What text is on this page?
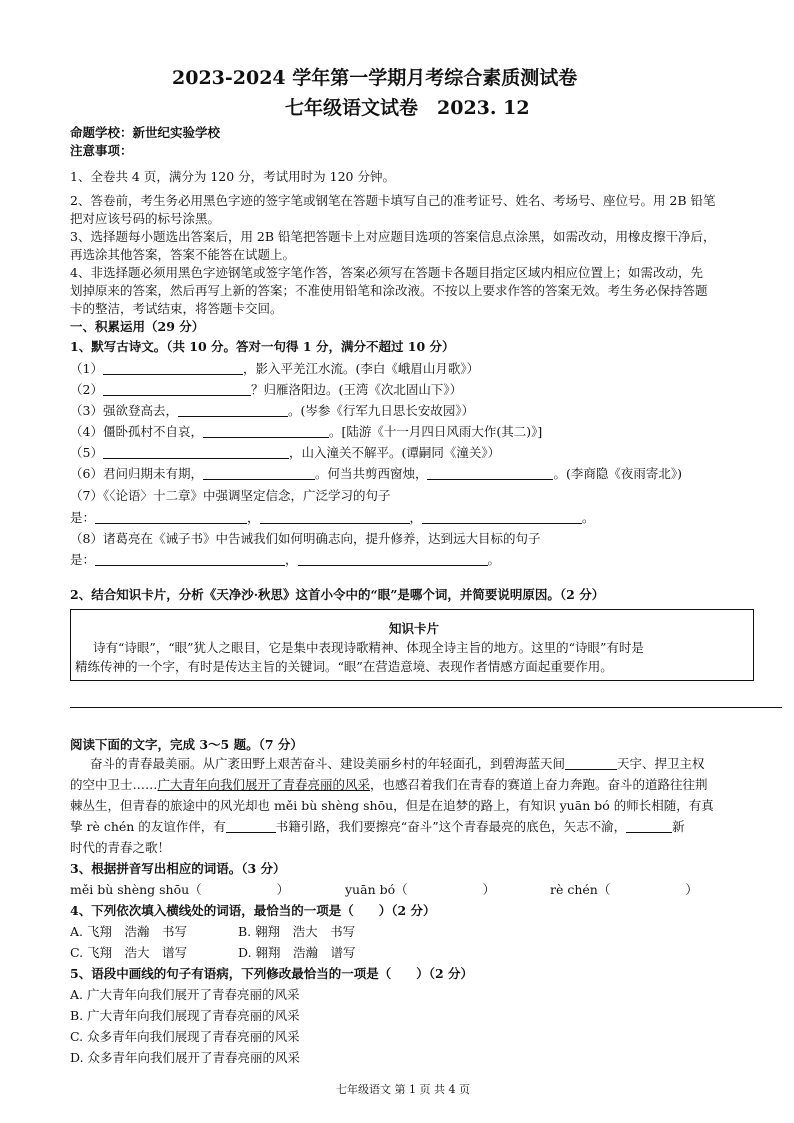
2023-2024 学年第一学期月考综合素质测试卷
七年级语文试卷　2023. 12
命题学校：新世纪实验学校
注意事项：
1、全卷共 4 页，满分为 120 分，考试用时为 120 分钟。
2、答卷前，考生务必用黑色字迹的签字笔或钢笔在答题卡填写自己的准考证号、姓名、考场号、座位号。用 2B 铅笔
把对应该号码的标号涂黑。
3、选择题每小题选出答案后，用 2B 铅笔把答题卡上对应题目选项的答案信息点涂黑，如需改动，用橡皮擦干净后，
再选涂其他答案，答案不能答在试题上。
4、非选择题必须用黑色字迹钢笔或签字笔作答，答案必须写在答题卡各题目指定区域内相应位置上；如需改动，先
划掉原来的答案，然后再写上新的答案；不准使用铅笔和涂改液。不按以上要求作答的答案无效。考生务必保持答题
卡的整洁，考试结束，将答题卡交回。
一、积累运用（29 分）
1、默写古诗文。（共 10 分。答对一句得 1 分，满分不超过 10 分）
（1）	，影入平羌江水流。(李白《峨眉山月歌》）
（2）	？归雁洛阳边。(王湾《次北固山下》）
（3）强欲登高去，	。(岑参《行军九日思长安故园》）
（4）僵卧孤村不自哀，	。[陆游《十一月四日风雨大作(其二)》]
（5）	，山入潼关不解平。(谭嗣同《潼关》）
（6）君问归期未有期，	。何当共剪西窗烛，	。(李商隐《夜雨寄北》)
（7）《〈论语〉十二章》中强调坚定信念，广泛学习的句子
是：	，	，	。
（8）诸葛亮在《诫子书》中告诫我们如何明确志向，提升修养，达到远大目标的句子
是：	，	。
2、结合知识卡片，分析《天净沙·秋思》这首小令中的“眼”是哪个词，并简要说明原因。（2 分）
知识卡片
诗有“诗眼”，“眼”犹人之眼目，它是集中表现诗歌精神、体现全诗主旨的地方。这里的“诗眼”有时是
精练传神的一个字，有时是传达主旨的关键词。“眼”在营造意境、表现作者情感方面起重要作用。
阅读下面的文字，完成 3～5 题。（7 分）
奋斗的青春最美丽。从广袤田野上艰苦奋斗、建设美丽乡村的年轻面孔，到碧海蓝天间	天宇、捍卫主权
的空中卫士……广大青年向我们展开了青春亮丽的风采，也感召着我们在青春的赛道上奋力奔跑。奋斗的道路往往荆
棘丛生，但青春的旅途中的风光却也 měi bù shèng shōu，但是在追梦的路上，有知识 yuān bó 的师长相随，有真
挚 rè chén 的友谊作伴，有	书籍引路，我们要擦亮“奋斗”这个青春最亮的底色，矢志不渝，	新
时代的青春之歌！
3、根据拼音写出相应的词语。（3 分）
měi bù shèng shōu（　　　　　　）	yuān bó（　　　　　　）	rè chén（　　　　　　）
4、下列依次填入横线处的词语，最恰当的一项是（　　）（2 分）
A. 飞翔　浩瀚　书写	B. 翱翔　浩大　书写
C. 飞翔　浩大　谱写	D. 翱翔　浩瀚　谱写
5、语段中画线的句子有语病，下列修改最恰当的一项是（　　）（2 分）
A. 广大青年向我们展开了青春亮丽的风采
B. 广大青年向我们展现了青春亮丽的风采
C. 众多青年向我们展现了青春亮丽的风采
D. 众多青年向我们展开了青春亮丽的风采
七年级语文 第 1 页 共 4 页
